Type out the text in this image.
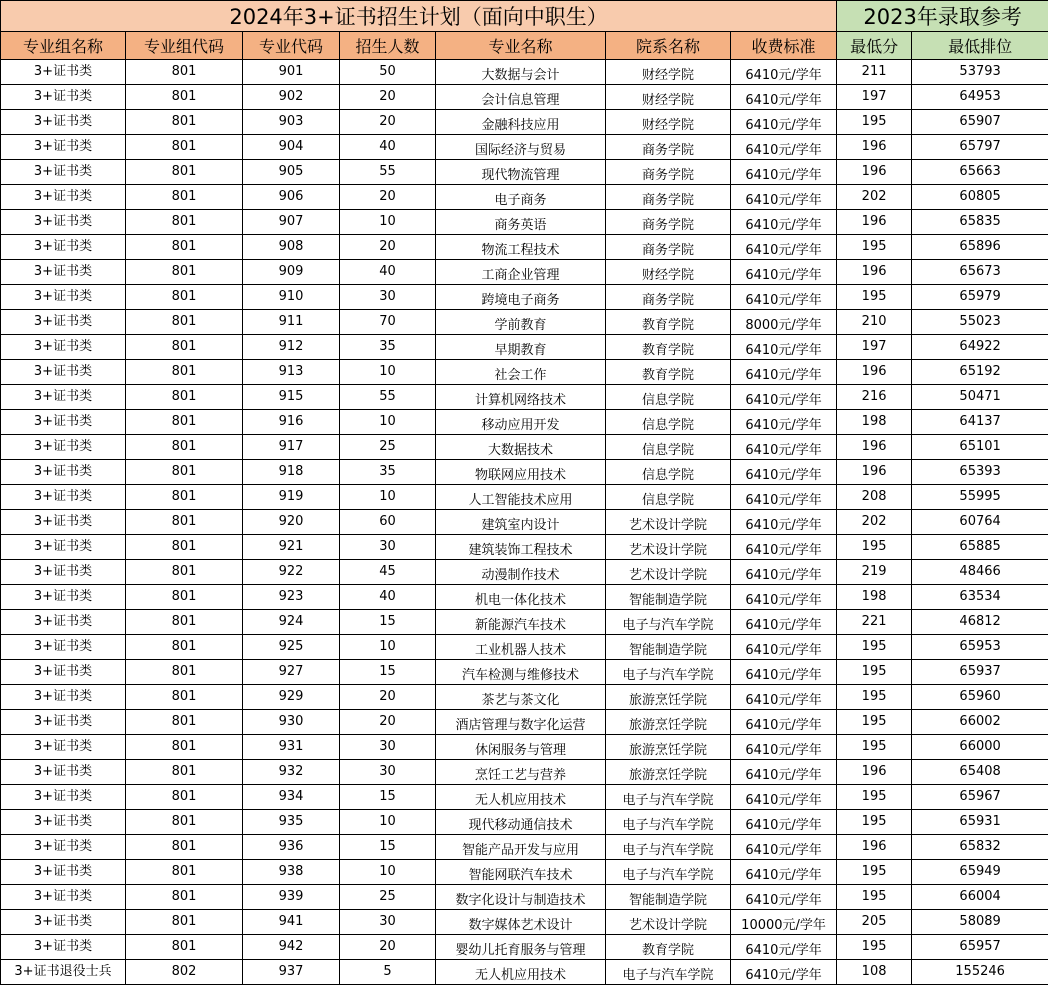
2024年3+证书招生计划（面向中职生）							2023年录取参考	
专业组名称	专业组代码	专业代码	招生人数	专业名称	院系名称	收费标准	最低分	最低排位
3+证书类	801	901	50	大数据与会计	财经学院	6410元/学年	211	53793
3+证书类	801	902	20	会计信息管理	财经学院	6410元/学年	197	64953
3+证书类	801	903	20	金融科技应用	财经学院	6410元/学年	195	65907
3+证书类	801	904	40	国际经济与贸易	商务学院	6410元/学年	196	65797
3+证书类	801	905	55	现代物流管理	商务学院	6410元/学年	196	65663
3+证书类	801	906	20	电子商务	商务学院	6410元/学年	202	60805
3+证书类	801	907	10	商务英语	商务学院	6410元/学年	196	65835
3+证书类	801	908	20	物流工程技术	商务学院	6410元/学年	195	65896
3+证书类	801	909	40	工商企业管理	财经学院	6410元/学年	196	65673
3+证书类	801	910	30	跨境电子商务	商务学院	6410元/学年	195	65979
3+证书类	801	911	70	学前教育	教育学院	8000元/学年	210	55023
3+证书类	801	912	35	早期教育	教育学院	6410元/学年	197	64922
3+证书类	801	913	10	社会工作	教育学院	6410元/学年	196	65192
3+证书类	801	915	55	计算机网络技术	信息学院	6410元/学年	216	50471
3+证书类	801	916	10	移动应用开发	信息学院	6410元/学年	198	64137
3+证书类	801	917	25	大数据技术	信息学院	6410元/学年	196	65101
3+证书类	801	918	35	物联网应用技术	信息学院	6410元/学年	196	65393
3+证书类	801	919	10	人工智能技术应用	信息学院	6410元/学年	208	55995
3+证书类	801	920	60	建筑室内设计	艺术设计学院	6410元/学年	202	60764
3+证书类	801	921	30	建筑装饰工程技术	艺术设计学院	6410元/学年	195	65885
3+证书类	801	922	45	动漫制作技术	艺术设计学院	6410元/学年	219	48466
3+证书类	801	923	40	机电一体化技术	智能制造学院	6410元/学年	198	63534
3+证书类	801	924	15	新能源汽车技术	电子与汽车学院	6410元/学年	221	46812
3+证书类	801	925	10	工业机器人技术	智能制造学院	6410元/学年	195	65953
3+证书类	801	927	15	汽车检测与维修技术	电子与汽车学院	6410元/学年	195	65937
3+证书类	801	929	20	茶艺与茶文化	旅游烹饪学院	6410元/学年	195	65960
3+证书类	801	930	20	酒店管理与数字化运营	旅游烹饪学院	6410元/学年	195	66002
3+证书类	801	931	30	休闲服务与管理	旅游烹饪学院	6410元/学年	195	66000
3+证书类	801	932	30	烹饪工艺与营养	旅游烹饪学院	6410元/学年	196	65408
3+证书类	801	934	15	无人机应用技术	电子与汽车学院	6410元/学年	195	65967
3+证书类	801	935	10	现代移动通信技术	电子与汽车学院	6410元/学年	195	65931
3+证书类	801	936	15	智能产品开发与应用	电子与汽车学院	6410元/学年	196	65832
3+证书类	801	938	10	智能网联汽车技术	电子与汽车学院	6410元/学年	195	65949
3+证书类	801	939	25	数字化设计与制造技术	智能制造学院	6410元/学年	195	66004
3+证书类	801	941	30	数字媒体艺术设计	艺术设计学院	10000元/学年	205	58089
3+证书类	801	942	20	婴幼儿托育服务与管理	教育学院	6410元/学年	195	65957
3+证书退役士兵	802	937	5	无人机应用技术	电子与汽车学院	6410元/学年	108	155246
